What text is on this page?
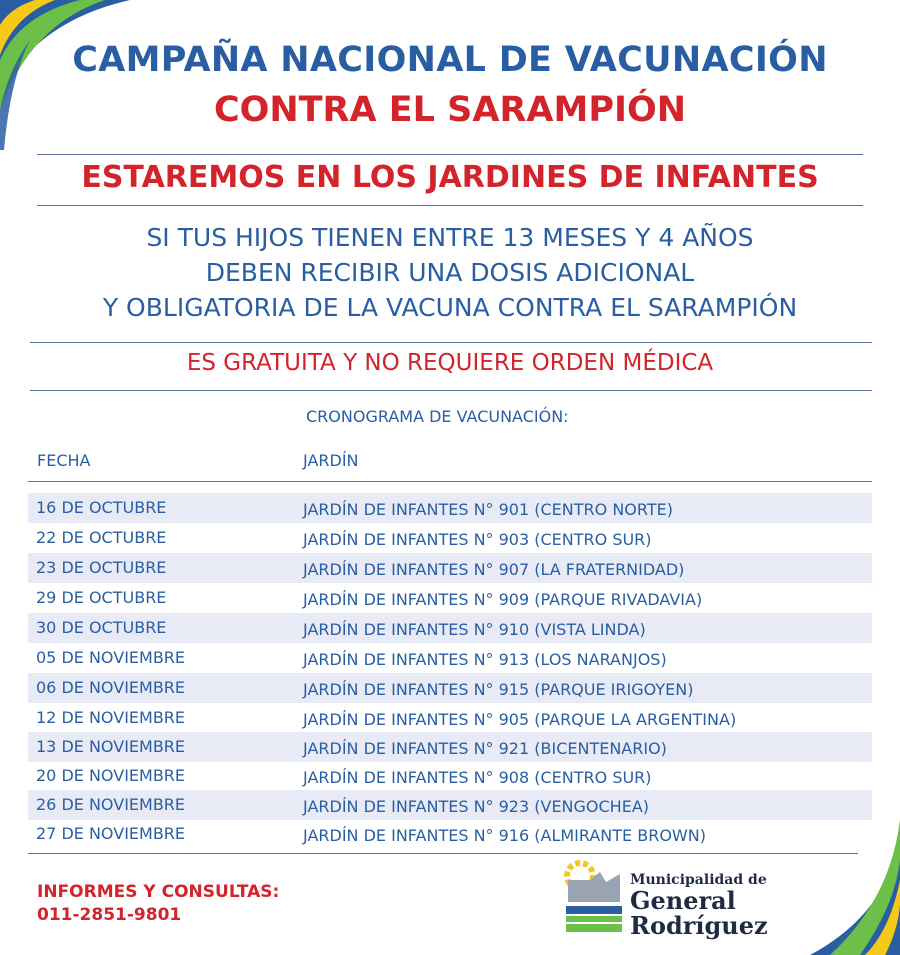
CAMPAÑA NACIONAL DE VACUNACIÓN
CONTRA EL SARAMPIÓN
ESTAREMOS EN LOS JARDINES DE INFANTES
SI TUS HIJOS TIENEN ENTRE 13 MESES Y 4 AÑOS
DEBEN RECIBIR UNA DOSIS ADICIONAL
Y OBLIGATORIA DE LA VACUNA CONTRA EL SARAMPIÓN
ES GRATUITA Y NO REQUIERE ORDEN MÉDICA
CRONOGRAMA DE VACUNACIÓN:
FECHA	JARDÍN
16 DE OCTUBRE	JARDÍN DE INFANTES N° 901 (CENTRO NORTE)
22 DE OCTUBRE	JARDÍN DE INFANTES N° 903 (CENTRO SUR)
23 DE OCTUBRE	JARDÍN DE INFANTES N° 907 (LA FRATERNIDAD)
29 DE OCTUBRE	JARDÍN DE INFANTES N° 909 (PARQUE RIVADAVIA)
30 DE OCTUBRE	JARDÍN DE INFANTES N° 910 (VISTA LINDA)
05 DE NOVIEMBRE	JARDÍN DE INFANTES N° 913 (LOS NARANJOS)
06 DE NOVIEMBRE	JARDÍN DE INFANTES N° 915 (PARQUE IRIGOYEN)
12 DE NOVIEMBRE	JARDÍN DE INFANTES N° 905 (PARQUE LA ARGENTINA)
13 DE NOVIEMBRE	JARDÍN DE INFANTES N° 921 (BICENTENARIO)
20 DE NOVIEMBRE	JARDÍN DE INFANTES N° 908 (CENTRO SUR)
26 DE NOVIEMBRE	JARDÍN DE INFANTES N° 923 (VENGOCHEA)
27 DE NOVIEMBRE	JARDÍN DE INFANTES N° 916 (ALMIRANTE BROWN)
INFORMES Y CONSULTAS:
011-2851-9801
Municipalidad de
General
Rodríguez
